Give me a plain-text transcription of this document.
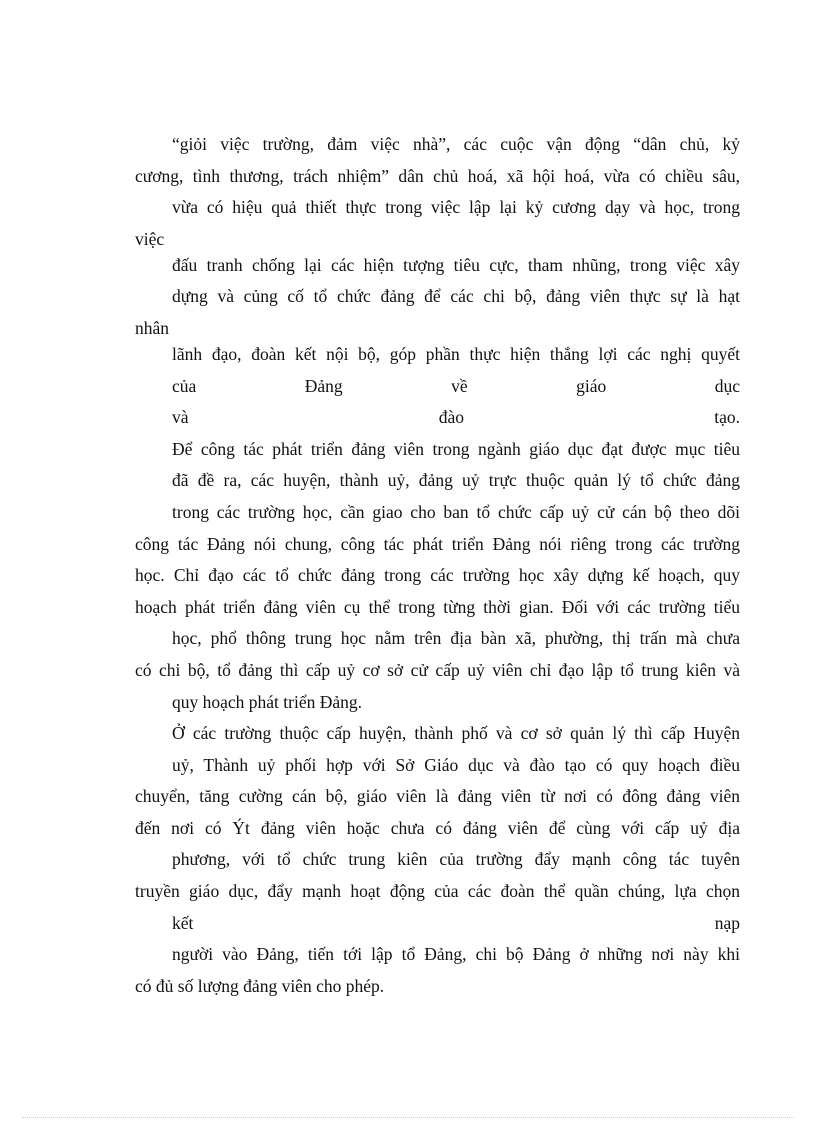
“giỏi việc trường, đảm việc nhà”, các cuộc vận động “dân chủ, kỷ
cương, tình thương, trách nhiệm” dân chủ hoá, xã hội hoá, vừa có chiều sâu,
vừa có hiệu quả thiết thực trong việc lập lại kỷ cương dạy và học, trong
việc
đấu tranh chống lại các hiện tượng tiêu cực, tham nhũng, trong việc xây
dựng và củng cố tổ chức đảng để các chi bộ, đảng viên thực sự là hạt
nhân
lãnh đạo, đoàn kết nội bộ, góp phần thực hiện thắng lợi các nghị quyết
của Đảng về giáo dục
và đào tạo.
Để công tác phát triển đảng viên trong ngành giáo dục đạt được mục tiêu
đã đề ra, các huyện, thành uỷ, đảng uỷ trực thuộc quản lý tổ chức đảng
trong các trường học, cần giao cho ban tổ chức cấp uỷ cử cán bộ theo dõi
công tác Đảng nói chung, công tác phát triển Đảng nói riêng trong các trường
học. Chỉ đạo các tổ chức đảng trong các trường học xây dựng kế hoạch, quy
hoạch phát triển đảng viên cụ thể trong từng thời gian. Đối với các trường tiểu
học, phổ thông trung học nằm trên địa bàn xã, phường, thị trấn mà chưa
có chi bộ, tổ đảng thì cấp uỷ cơ sở cử cấp uỷ viên chỉ đạo lập tổ trung kiên và
quy hoạch phát triển Đảng.
Ở các trường thuộc cấp huyện, thành phố và cơ sở quản lý thì cấp Huyện
uỷ, Thành uỷ phối hợp với Sở Giáo dục và đào tạo có quy hoạch điều
chuyển, tăng cường cán bộ, giáo viên là đảng viên từ nơi có đông đảng viên
đến nơi có Ýt đảng viên hoặc chưa có đảng viên để cùng với cấp uỷ địa
phương, với tổ chức trung kiên của trường đẩy mạnh công tác tuyên
truyền giáo dục, đẩy mạnh hoạt động của các đoàn thể quần chúng, lựa chọn
kết nạp
người vào Đảng, tiến tới lập tổ Đảng, chi bộ Đảng ở những nơi này khi
có đủ số lượng đảng viên cho phép.
